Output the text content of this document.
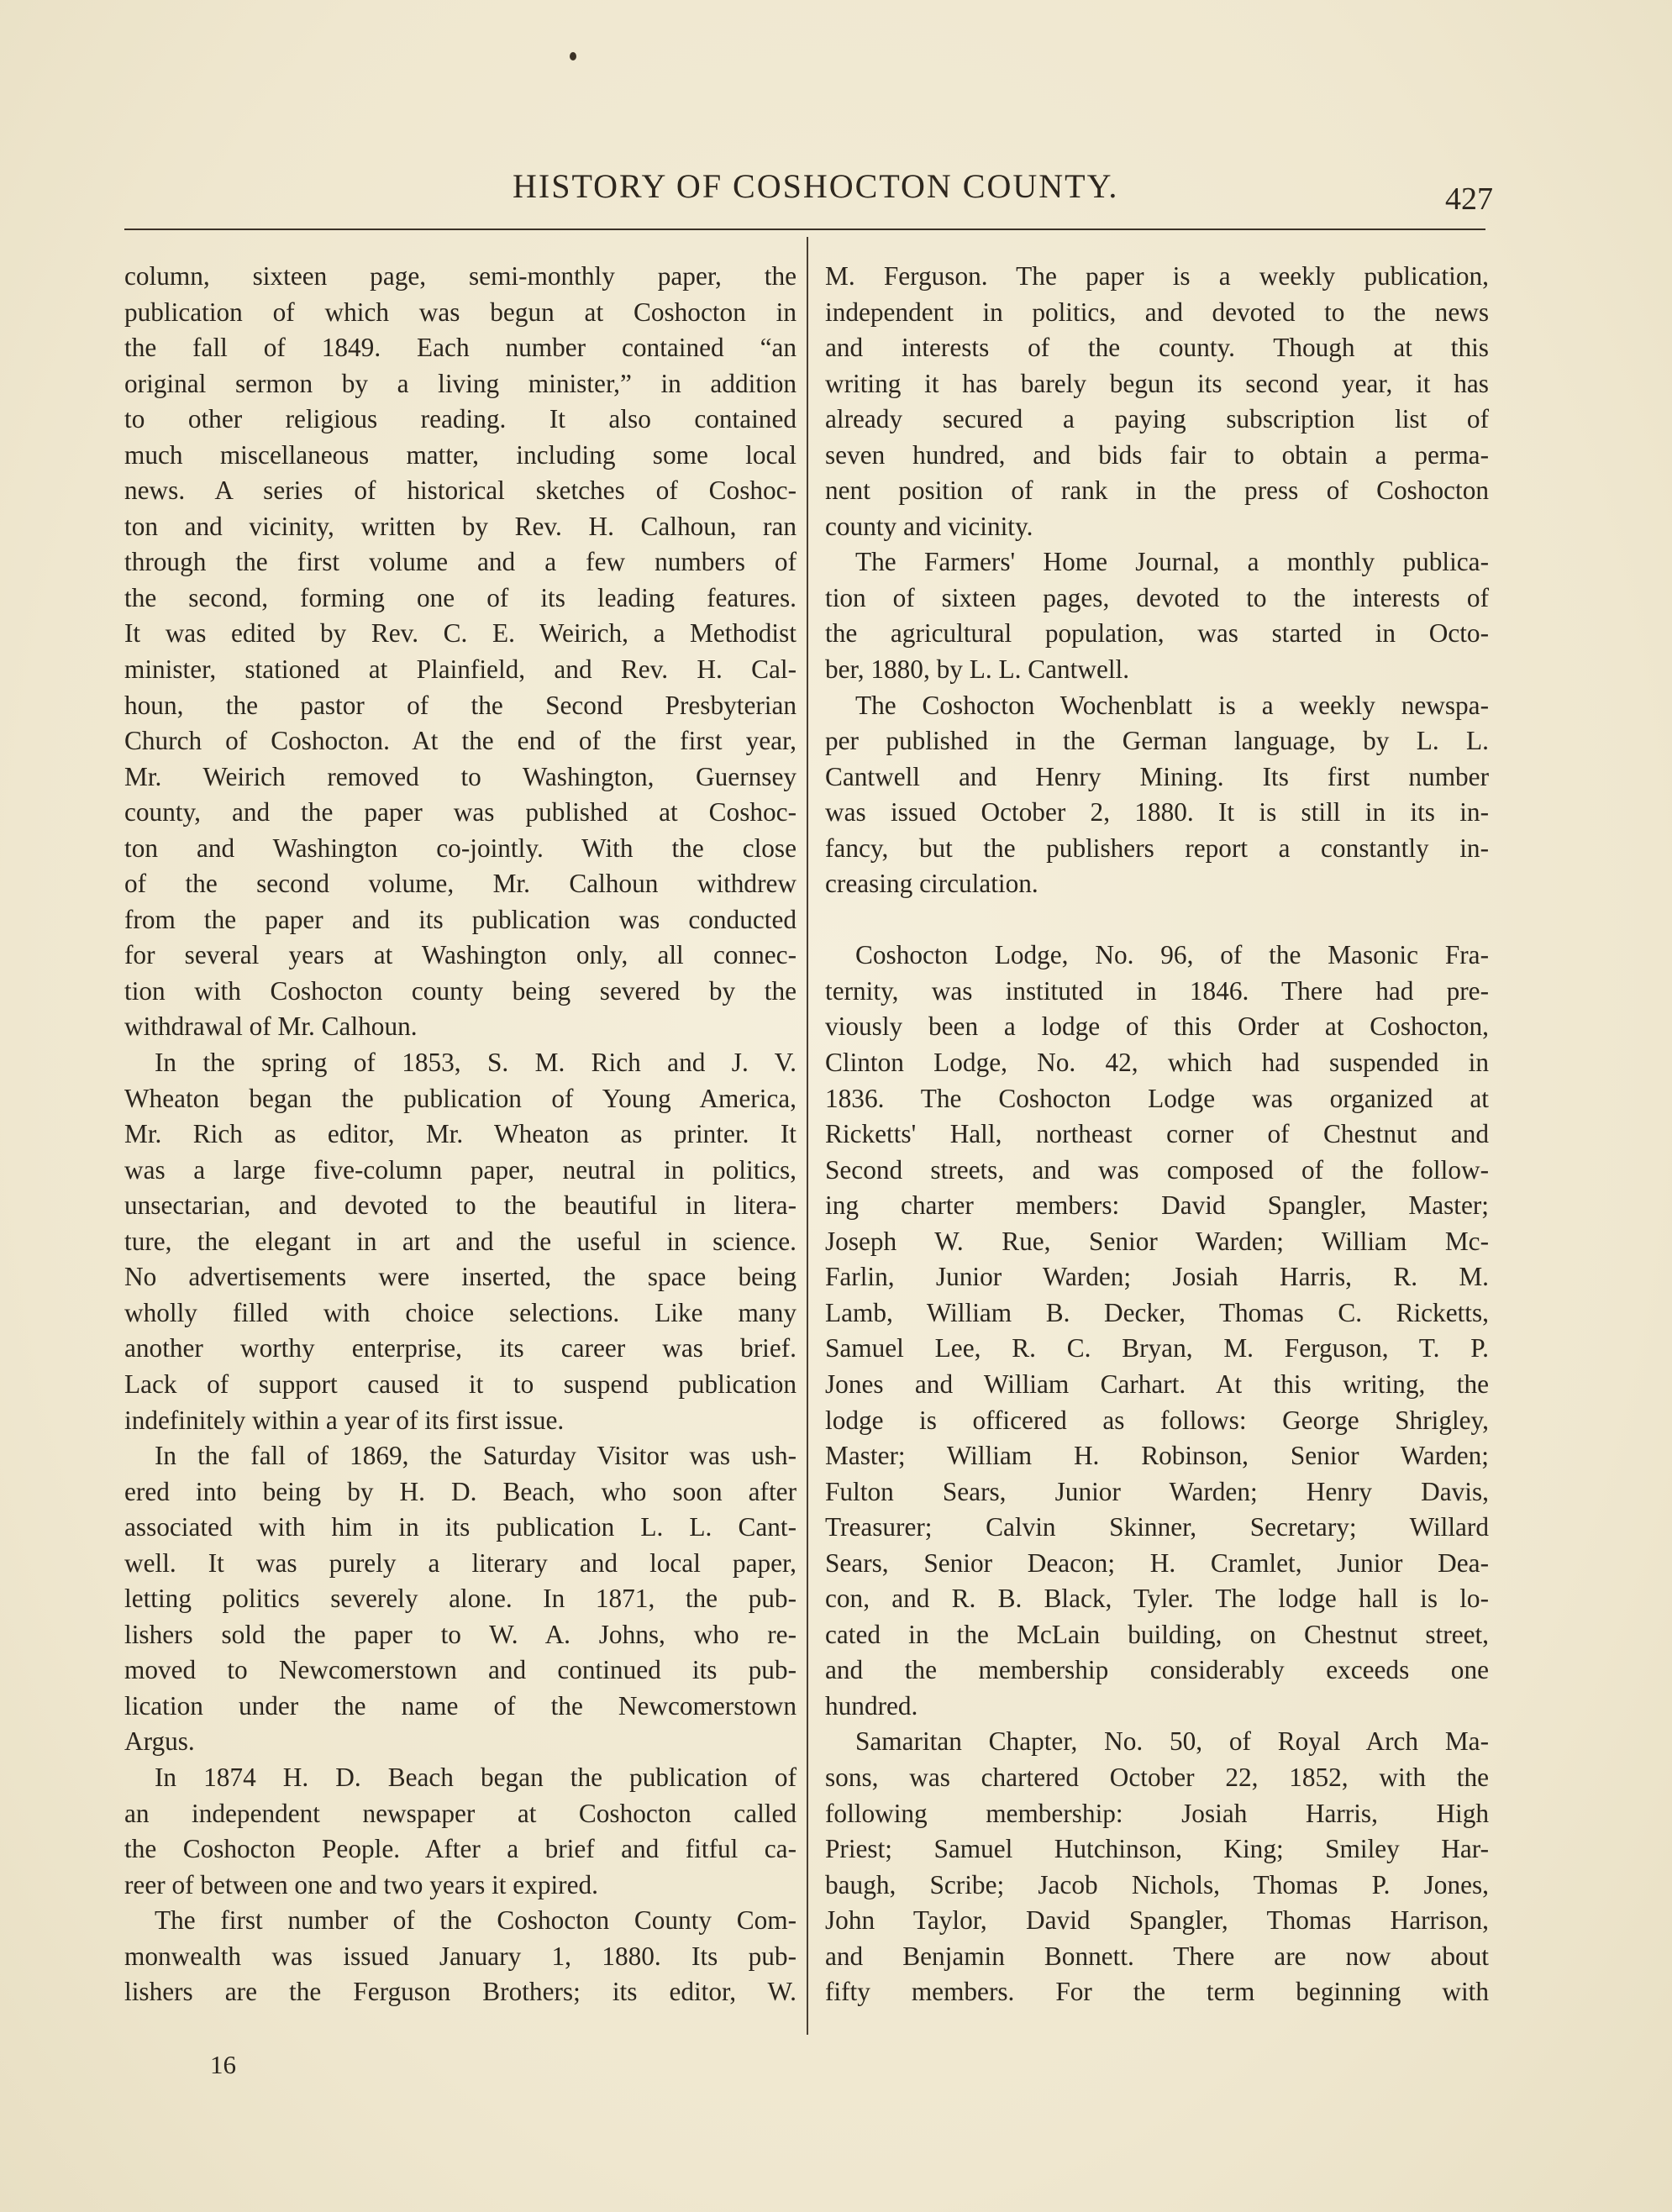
HISTORY OF COSHOCTON COUNTY.	427
column, sixteen page, semi-monthly paper, the
publication of which was begun at Coshocton in
the fall of 1849. Each number contained “an
original sermon by a living minister,” in addition
to other religious reading. It also contained
much miscellaneous matter, including some local
news. A series of historical sketches of Coshoc-
ton and vicinity, written by Rev. H. Calhoun, ran
through the first volume and a few numbers of
the second, forming one of its leading features.
It was edited by Rev. C. E. Weirich, a Methodist
minister, stationed at Plainfield, and Rev. H. Cal-
houn, the pastor of the Second Presbyterian
Church of Coshocton. At the end of the first year,
Mr. Weirich removed to Washington, Guernsey
county, and the paper was published at Coshoc-
ton and Washington co-jointly. With the close
of the second volume, Mr. Calhoun withdrew
from the paper and its publication was conducted
for several years at Washington only, all connec-
tion with Coshocton county being severed by the
withdrawal of Mr. Calhoun.
In the spring of 1853, S. M. Rich and J. V.
Wheaton began the publication of Young America,
Mr. Rich as editor, Mr. Wheaton as printer. It
was a large five-column paper, neutral in politics,
unsectarian, and devoted to the beautiful in litera-
ture, the elegant in art and the useful in science.
No advertisements were inserted, the space being
wholly filled with choice selections. Like many
another worthy enterprise, its career was brief.
Lack of support caused it to suspend publication
indefinitely within a year of its first issue.
In the fall of 1869, the Saturday Visitor was ush-
ered into being by H. D. Beach, who soon after
associated with him in its publication L. L. Cant-
well. It was purely a literary and local paper,
letting politics severely alone. In 1871, the pub-
lishers sold the paper to W. A. Johns, who re-
moved to Newcomerstown and continued its pub-
lication under the name of the Newcomerstown
Argus.
In 1874 H. D. Beach began the publication of
an independent newspaper at Coshocton called
the Coshocton People. After a brief and fitful ca-
reer of between one and two years it expired.
The first number of the Coshocton County Com-
monwealth was issued January 1, 1880. Its pub-
lishers are the Ferguson Brothers; its editor, W.
M. Ferguson. The paper is a weekly publication,
independent in politics, and devoted to the news
and interests of the county. Though at this
writing it has barely begun its second year, it has
already secured a paying subscription list of
seven hundred, and bids fair to obtain a perma-
nent position of rank in the press of Coshocton
county and vicinity.
The Farmers' Home Journal, a monthly publica-
tion of sixteen pages, devoted to the interests of
the agricultural population, was started in Octo-
ber, 1880, by L. L. Cantwell.
The Coshocton Wochenblatt is a weekly newspa-
per published in the German language, by L. L.
Cantwell and Henry Mining. Its first number
was issued October 2, 1880. It is still in its in-
fancy, but the publishers report a constantly in-
creasing circulation.
Coshocton Lodge, No. 96, of the Masonic Fra-
ternity, was instituted in 1846. There had pre-
viously been a lodge of this Order at Coshocton,
Clinton Lodge, No. 42, which had suspended in
1836. The Coshocton Lodge was organized at
Ricketts' Hall, northeast corner of Chestnut and
Second streets, and was composed of the follow-
ing charter members: David Spangler, Master;
Joseph W. Rue, Senior Warden; William Mc-
Farlin, Junior Warden; Josiah Harris, R. M.
Lamb, William B. Decker, Thomas C. Ricketts,
Samuel Lee, R. C. Bryan, M. Ferguson, T. P.
Jones and William Carhart. At this writing, the
lodge is officered as follows: George Shrigley,
Master; William H. Robinson, Senior Warden;
Fulton Sears, Junior Warden; Henry Davis,
Treasurer; Calvin Skinner, Secretary; Willard
Sears, Senior Deacon; H. Cramlet, Junior Dea-
con, and R. B. Black, Tyler. The lodge hall is lo-
cated in the McLain building, on Chestnut street,
and the membership considerably exceeds one
hundred.
Samaritan Chapter, No. 50, of Royal Arch Ma-
sons, was chartered October 22, 1852, with the
following membership: Josiah Harris, High
Priest; Samuel Hutchinson, King; Smiley Har-
baugh, Scribe; Jacob Nichols, Thomas P. Jones,
John Taylor, David Spangler, Thomas Harrison,
and Benjamin Bonnett. There are now about
fifty members. For the term beginning with
16
